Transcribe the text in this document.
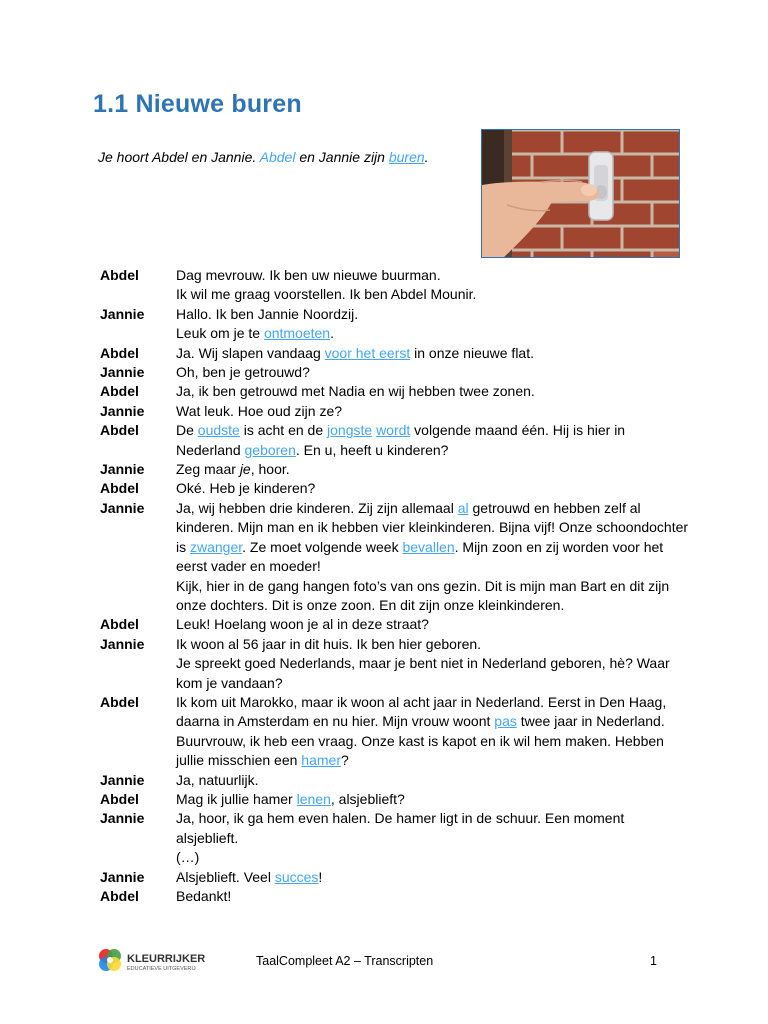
1.1 Nieuwe buren
Je hoort Abdel en Jannie. Abdel en Jannie zijn buren.
Abdel	Dag mevrouw. Ik ben uw nieuwe buurman.
Ik wil me graag voorstellen. Ik ben Abdel Mounir.
Jannie	Hallo. Ik ben Jannie Noordzij.
Leuk om je te ontmoeten.
Abdel	Ja. Wij slapen vandaag voor het eerst in onze nieuwe flat.
Jannie	Oh, ben je getrouwd?
Abdel	Ja, ik ben getrouwd met Nadia en wij hebben twee zonen.
Jannie	Wat leuk. Hoe oud zijn ze?
Abdel	De oudste is acht en de jongste wordt volgende maand één. Hij is hier in Nederland geboren. En u, heeft u kinderen?
Jannie	Zeg maar je, hoor.
Abdel	Oké. Heb je kinderen?
Jannie	Ja, wij hebben drie kinderen. Zij zijn allemaal al getrouwd en hebben zelf al kinderen. Mijn man en ik hebben vier kleinkinderen. Bijna vijf! Onze schoondochter is zwanger. Ze moet volgende week bevallen. Mijn zoon en zij worden voor het eerst vader en moeder!
Kijk, hier in de gang hangen foto’s van ons gezin. Dit is mijn man Bart en dit zijn onze dochters. Dit is onze zoon. En dit zijn onze kleinkinderen.
Abdel	Leuk! Hoelang woon je al in deze straat?
Jannie	Ik woon al 56 jaar in dit huis. Ik ben hier geboren.
Je spreekt goed Nederlands, maar je bent niet in Nederland geboren, hè? Waar kom je vandaan?
Abdel	Ik kom uit Marokko, maar ik woon al acht jaar in Nederland. Eerst in Den Haag, daarna in Amsterdam en nu hier. Mijn vrouw woont pas twee jaar in Nederland.
Buurvrouw, ik heb een vraag. Onze kast is kapot en ik wil hem maken. Hebben jullie misschien een hamer?
Jannie	Ja, natuurlijk.
Abdel	Mag ik jullie hamer lenen, alsjeblieft?
Jannie	Ja, hoor, ik ga hem even halen. De hamer ligt in de schuur. Een moment alsjeblieft.
(…)
Jannie	Alsjeblieft. Veel succes!
Abdel	Bedankt!
KLEURRIJKER
EDUCATIEVE UITGEVERIJ
TaalCompleet A2 – Transcripten	1
